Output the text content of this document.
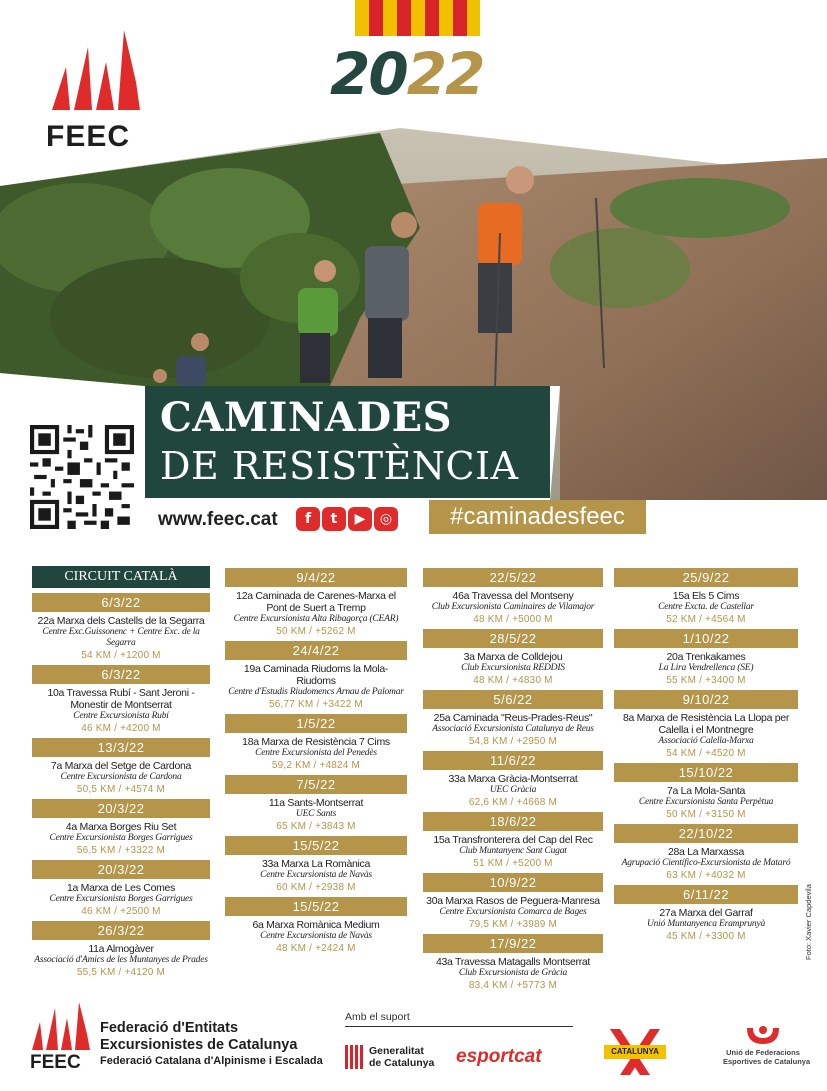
FEEC
2022
CAMINADES
DE RESISTÈNCIA
www.feec.cat	f	t	▶	◎	#caminadesfeec
CIRCUIT CATALÀ
6/3/22
22a Marxa dels Castells de la Segarra
Centre Exc.Guissonenc + Centre Exc. de la Segarra
54 KM / +1200 M
6/3/22
10a Travessa Rubí - Sant Jeroni - Monestir de Montserrat
Centre Excursionista Rubí
46 KM / +4200 M
13/3/22
7a Marxa del Setge de Cardona
Centre Excursionista de Cardona
50,5 KM / +4574 M
20/3/22
4a Marxa Borges Riu Set
Centre Excursionista Borges Garrigues
56,5 KM / +3322 M
20/3/22
1a Marxa de Les Comes
Centre Excursionista Borges Garrigues
46 KM / +2500 M
26/3/22
11a Almogàver
Associació d'Amics de les Muntanyes de Prades
55,5 KM / +4120 M
9/4/22
12a Caminada de Carenes-Marxa el Pont de Suert a Tremp
Centre Excursionista Alta Ribagorça (CEAR)
50 KM / +5262 M
24/4/22
19a Caminada Riudoms la Mola-Riudoms
Centre d'Estudis Riudomencs Arnau de Palomar
56,77 KM / +3422 M
1/5/22
18a Marxa de Resistència 7 Cims
Centre Excursionista del Penedès
59,2 KM / +4824 M
7/5/22
11a Sants-Montserrat
UEC Sants
65 KM / +3843 M
15/5/22
33a Marxa La Romànica
Centre Excursionista de Navàs
60 KM / +2938 M
15/5/22
6a Marxa Romànica Medium
Centre Excursionista de Navàs
48 KM / +2424 M
22/5/22
46a Travessa del Montseny
Club Excursionista Caminaires de Vilamajor
48 KM / +5000 M
28/5/22
3a Marxa de Colldejou
Club Excursionista REDDIS
48 KM / +4830 M
5/6/22
25a Caminada "Reus-Prades-Reus"
Associació Excursionista Catalunya de Reus
54,8 KM / +2950 M
11/6/22
33a Marxa Gràcia-Montserrat
UEC Gràcia
62,6 KM / +4668 M
18/6/22
15a Transfronterera del Cap del Rec
Club Muntanyenc Sant Cugat
51 KM / +5200 M
10/9/22
30a Marxa Rasos de Peguera-Manresa
Centre Excursionista Comarca de Bages
79,5 KM / +3989 M
17/9/22
43a Travessa Matagalls Montserrat
Club Excursionista de Gràcia
83,4 KM / +5773 M
25/9/22
15a Els 5 Cims
Centre Excta. de Castellar
52 KM / +4564 M
1/10/22
20a Trenkakames
La Lira Vendrellenca (SE)
55 KM / +3400 M
9/10/22
8a Marxa de Resistència La Llopa per Calella i el Montnegre
Associació Calella-Marxa
54 KM / +4520 M
15/10/22
7a La Mola-Santa
Centre Excursionista Santa Perpètua
50 KM / +3150 M
22/10/22
28a La Marxassa
Agrupació Científico-Excursionista de Mataró
63 KM / +4032 M
6/11/22
27a Marxa del Garraf
Unió Muntanyenca Eramprunyà
45 KM / +3300 M	Foto: Xavier Capdevila
FEEC
Federació d'Entitats
Excursionistes de Catalunya
Federació Catalana d'Alpinisme i Escalada
Amb el suport
Generalitat
de Catalunya esportcat	CATALUNYA	Unió de Federacions
Esportives de Catalunya
